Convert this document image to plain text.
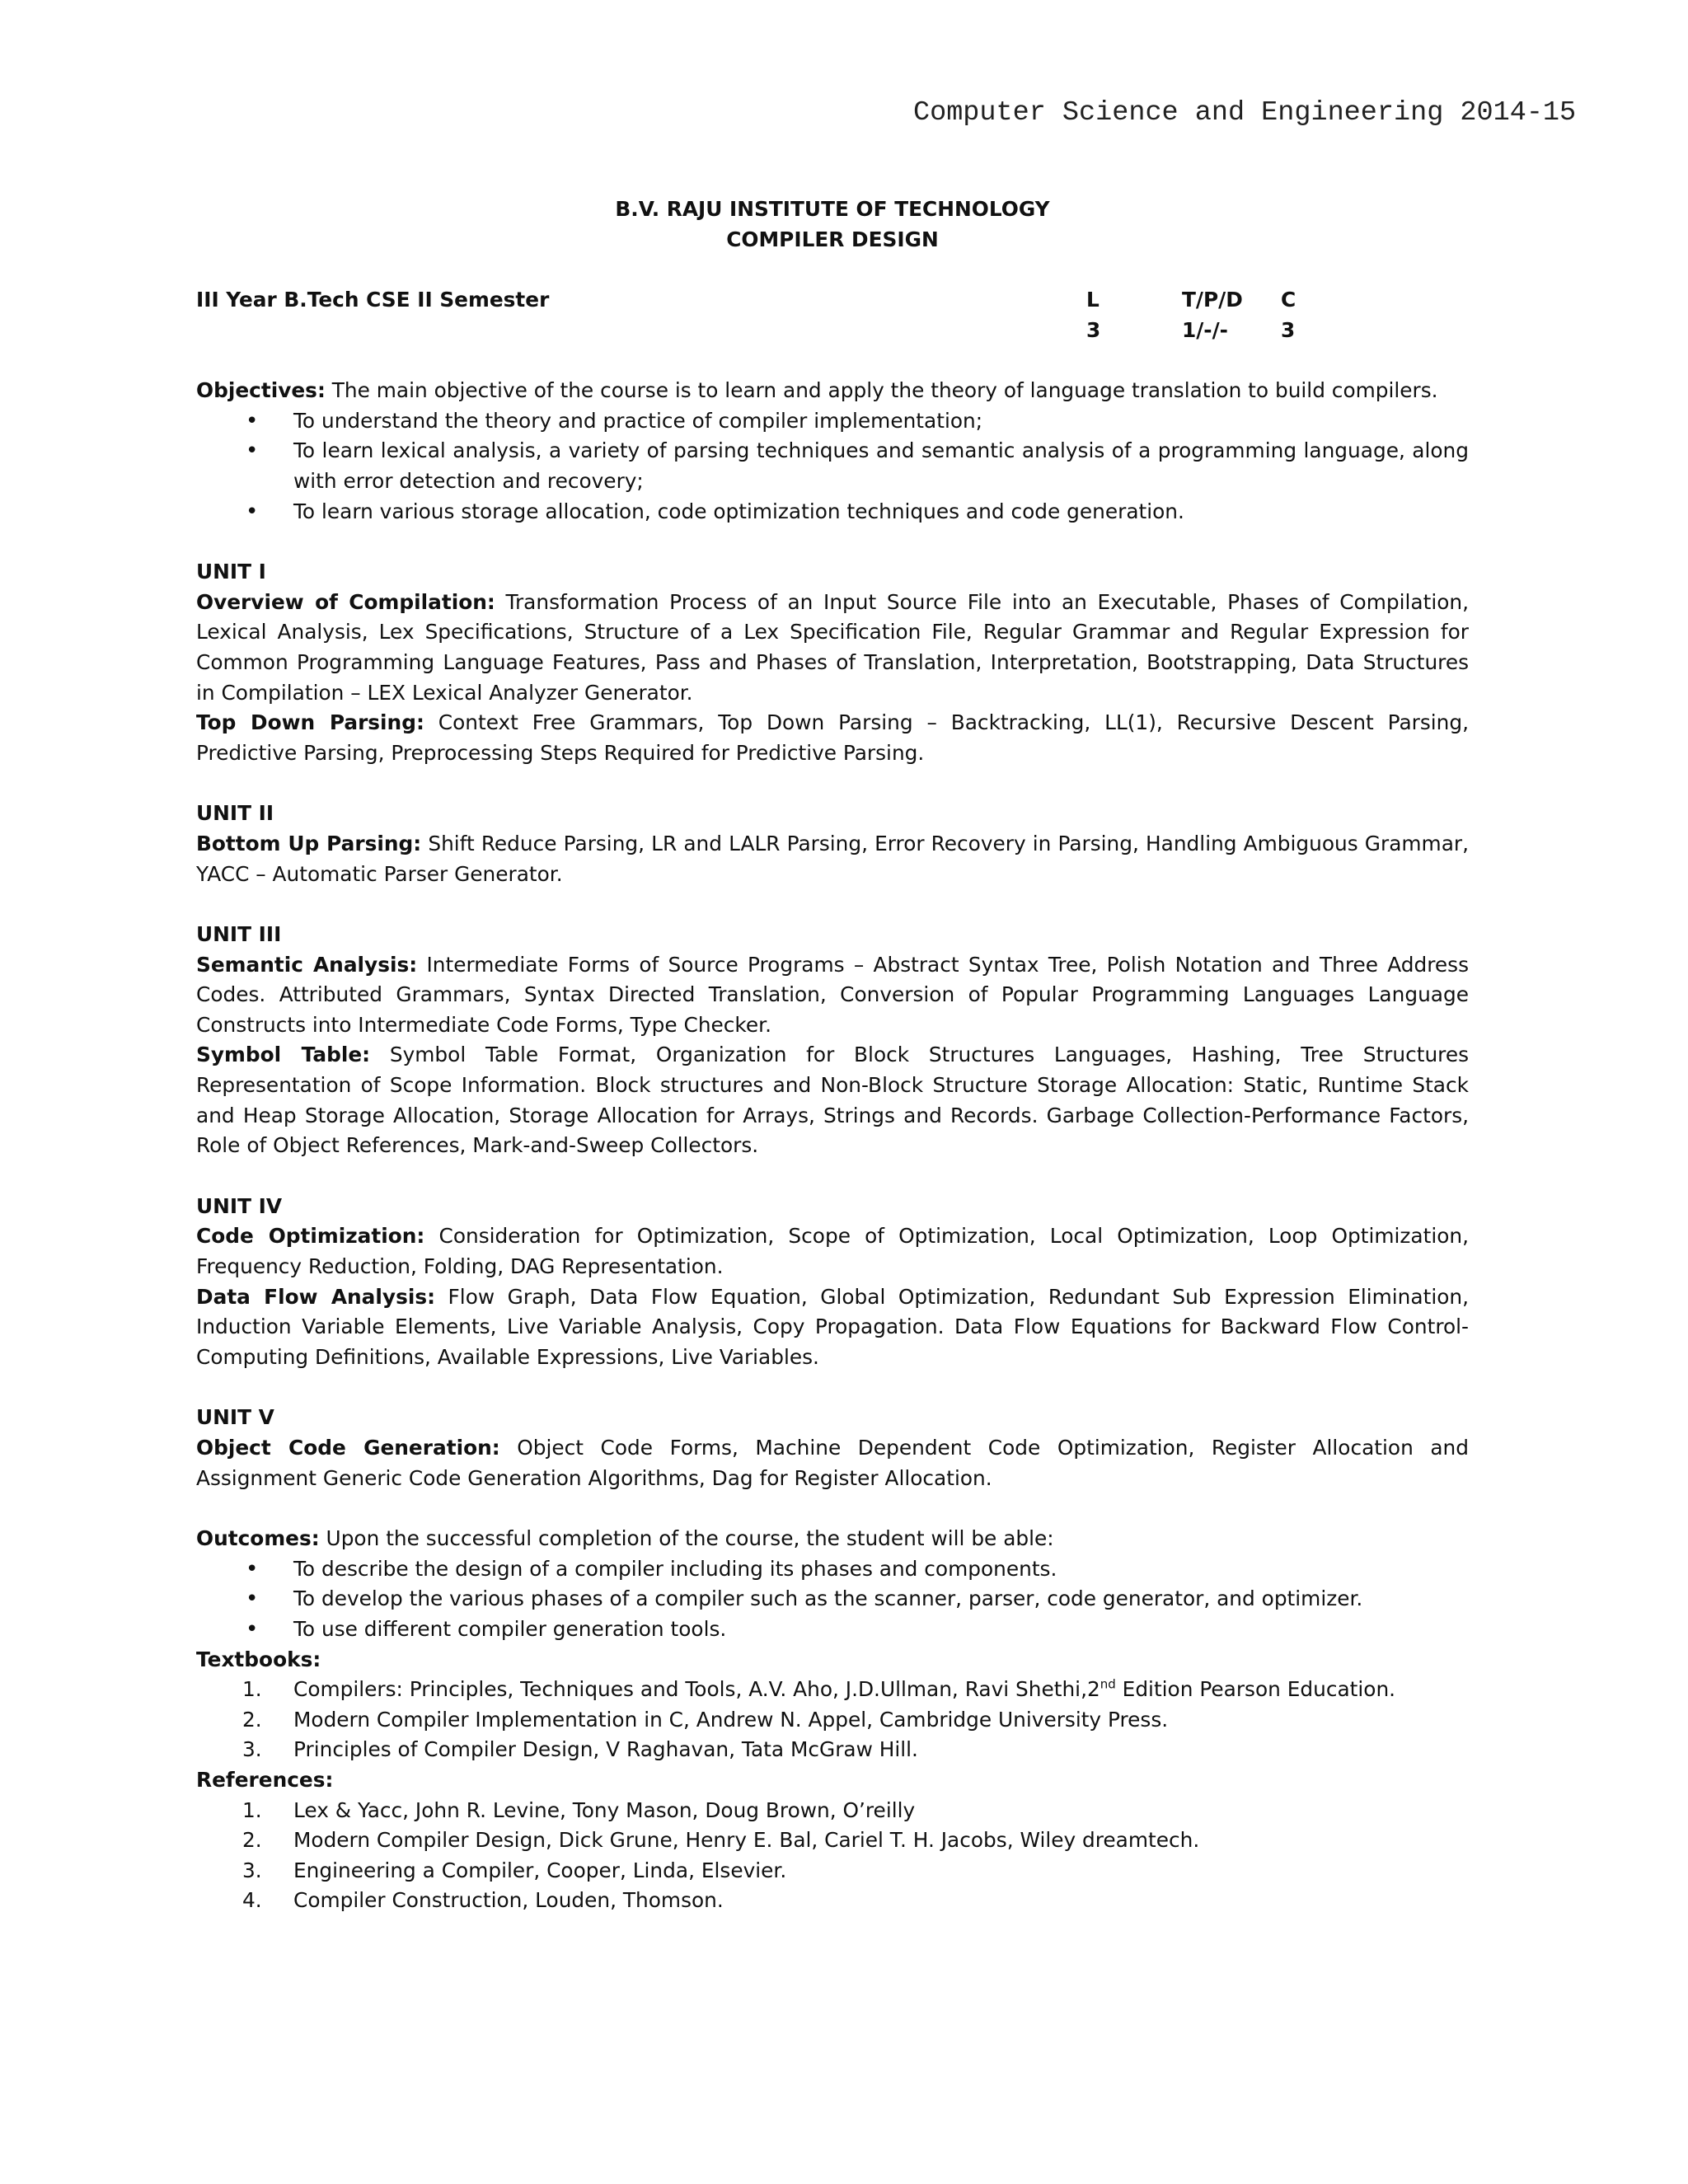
Computer Science and Engineering 2014-15
B.V. RAJU INSTITUTE OF TECHNOLOGY
COMPILER DESIGN
III Year B.Tech CSE II Semester	L
3
T/P/D
1/-/-
C
3

Objectives: The main objective of the course is to learn and apply the theory of language translation to build compilers.

• To understand the theory and practice of compiler implementation;
• To learn lexical analysis, a variety of parsing techniques and semantic analysis of a programming language, along with error detection and recovery;
• To learn various storage allocation, code optimization techniques and code generation.
UNIT I

Overview of Compilation: Transformation Process of an Input Source File into an Executable, Phases of Compilation, Lexical Analysis, Lex Specifications, Structure of a Lex Specification File, Regular Grammar and Regular Expression for Common Programming Language Features, Pass and Phases of Translation, Interpretation, Bootstrapping, Data Structures in Compilation – LEX Lexical Analyzer Generator.

Top Down Parsing: Context Free Grammars, Top Down Parsing – Backtracking, LL(1), Recursive Descent Parsing, Predictive Parsing, Preprocessing Steps Required for Predictive Parsing.

UNIT II

Bottom Up Parsing: Shift Reduce Parsing, LR and LALR Parsing, Error Recovery in Parsing, Handling Ambiguous Grammar, YACC – Automatic Parser Generator.

UNIT III

Semantic Analysis: Intermediate Forms of Source Programs – Abstract Syntax Tree, Polish Notation and Three Address Codes. Attributed Grammars, Syntax Directed Translation, Conversion of Popular Programming Languages Language Constructs into Intermediate Code Forms, Type Checker.

Symbol Table: Symbol Table Format, Organization for Block Structures Languages, Hashing, Tree Structures Representation of Scope Information. Block structures and Non-Block Structure Storage Allocation: Static, Runtime Stack and Heap Storage Allocation, Storage Allocation for Arrays, Strings and Records. Garbage Collection-Performance Factors, Role of Object References, Mark-and-Sweep Collectors.

UNIT IV

Code Optimization: Consideration for Optimization, Scope of Optimization, Local Optimization, Loop Optimization, Frequency Reduction, Folding, DAG Representation.

Data Flow Analysis: Flow Graph, Data Flow Equation, Global Optimization, Redundant Sub Expression Elimination, Induction Variable Elements, Live Variable Analysis, Copy Propagation. Data Flow Equations for Backward Flow Control-Computing Definitions, Available Expressions, Live Variables.

UNIT V

Object Code Generation: Object Code Forms, Machine Dependent Code Optimization, Register Allocation and Assignment Generic Code Generation Algorithms, Dag for Register Allocation.

Outcomes: Upon the successful completion of the course, the student will be able:

• To describe the design of a compiler including its phases and components.
• To develop the various phases of a compiler such as the scanner, parser, code generator, and optimizer.
• To use different compiler generation tools.
Textbooks:
1. Compilers: Principles, Techniques and Tools, A.V. Aho, J.D.Ullman, Ravi Shethi,2nd Edition Pearson Education.
2. Modern Compiler Implementation in C, Andrew N. Appel, Cambridge University Press.
3. Principles of Compiler Design, V Raghavan, Tata McGraw Hill.
References:
1. Lex & Yacc, John R. Levine, Tony Mason, Doug Brown, O’reilly
2. Modern Compiler Design, Dick Grune, Henry E. Bal, Cariel T. H. Jacobs, Wiley dreamtech.
3. Engineering a Compiler, Cooper, Linda, Elsevier.
4. Compiler Construction, Louden, Thomson.
